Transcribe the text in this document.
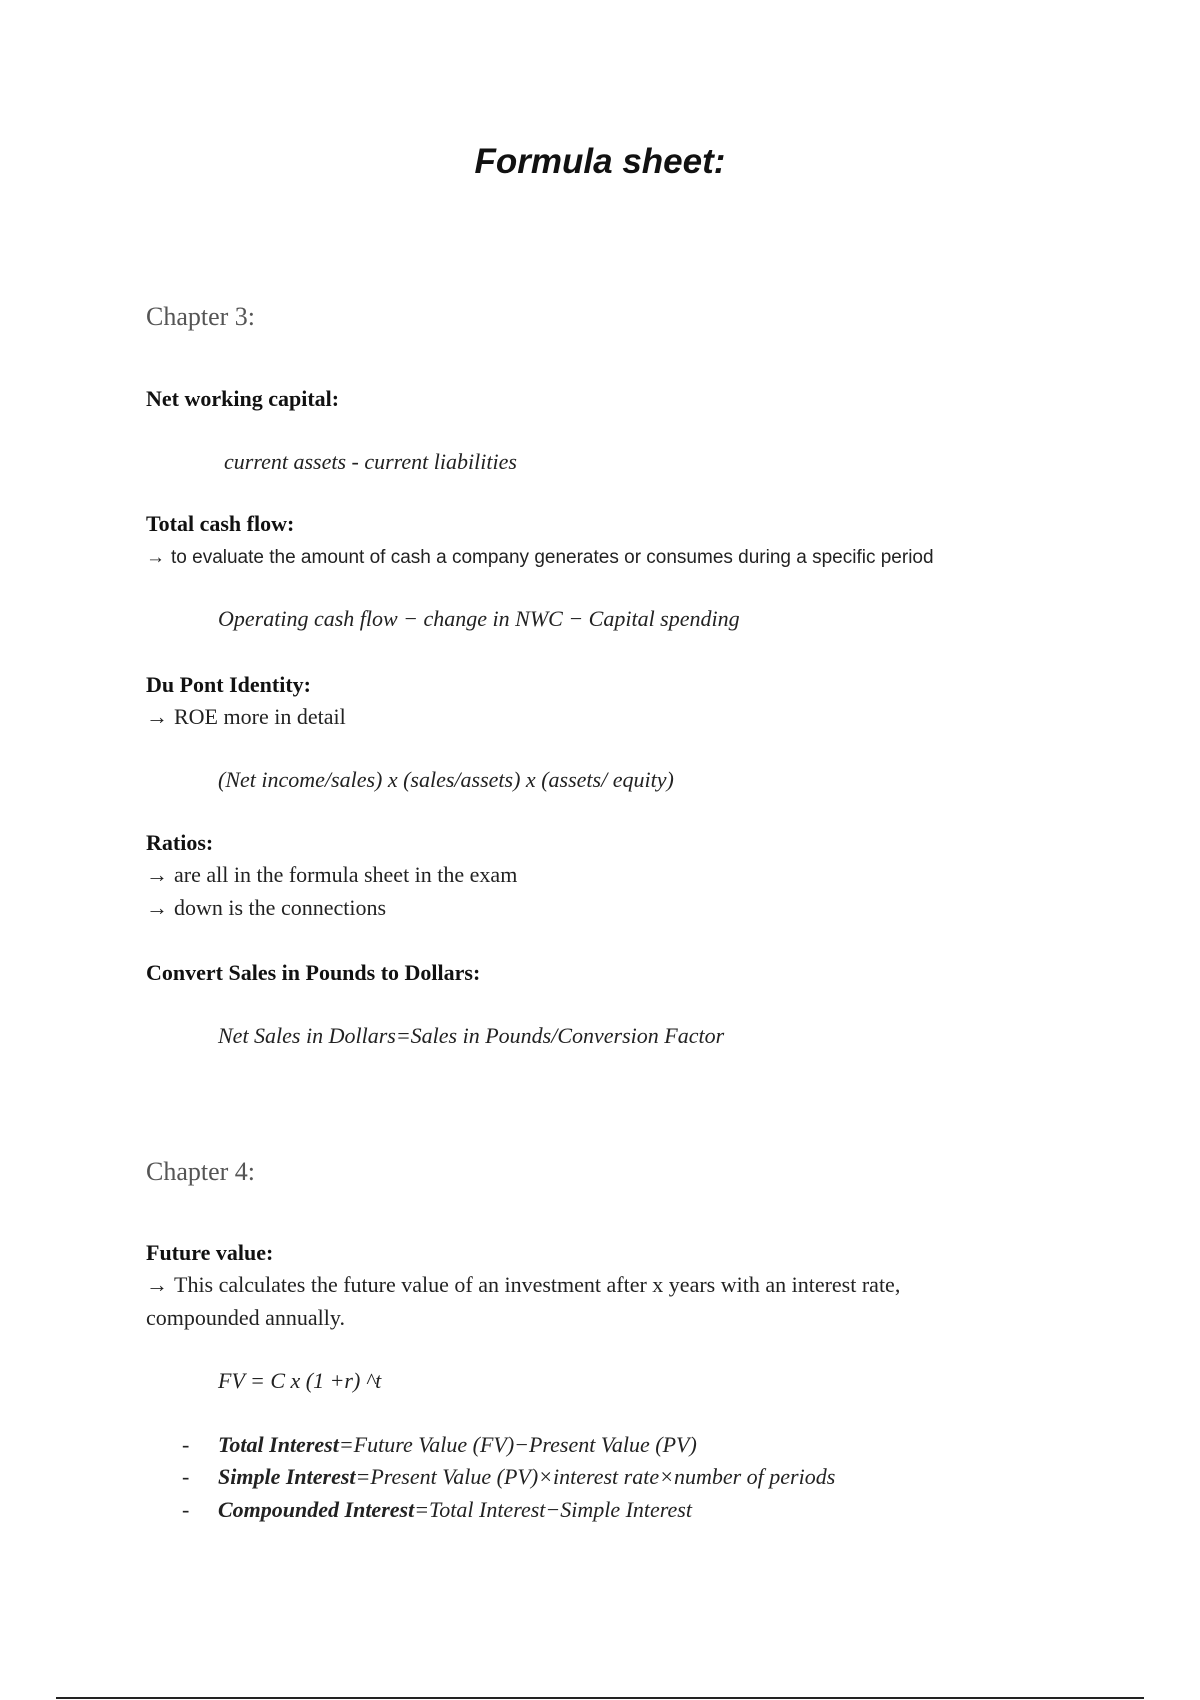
Formula sheet:
Chapter 3:
Net working capital:
current assets - current liabilities
Total cash flow:
→ to evaluate the amount of cash a company generates or consumes during a specific period
Operating cash flow − change in NWC − Capital spending
Du Pont Identity:
→ ROE more in detail
(Net income/sales) x (sales/assets) x (assets/ equity)
Ratios:
→ are all in the formula sheet in the exam
→ down is the connections
Convert Sales in Pounds to Dollars:
Net Sales in Dollars=Sales in Pounds/Conversion Factor
Chapter 4:
Future value:
→ This calculates the future value of an investment after x years with an interest rate,
compounded annually.
FV = C x (1 +r) ^t
- Total Interest=Future Value (FV)−Present Value (PV)
- Simple Interest=Present Value (PV)×interest rate×number of periods
- Compounded Interest=Total Interest−Simple Interest
